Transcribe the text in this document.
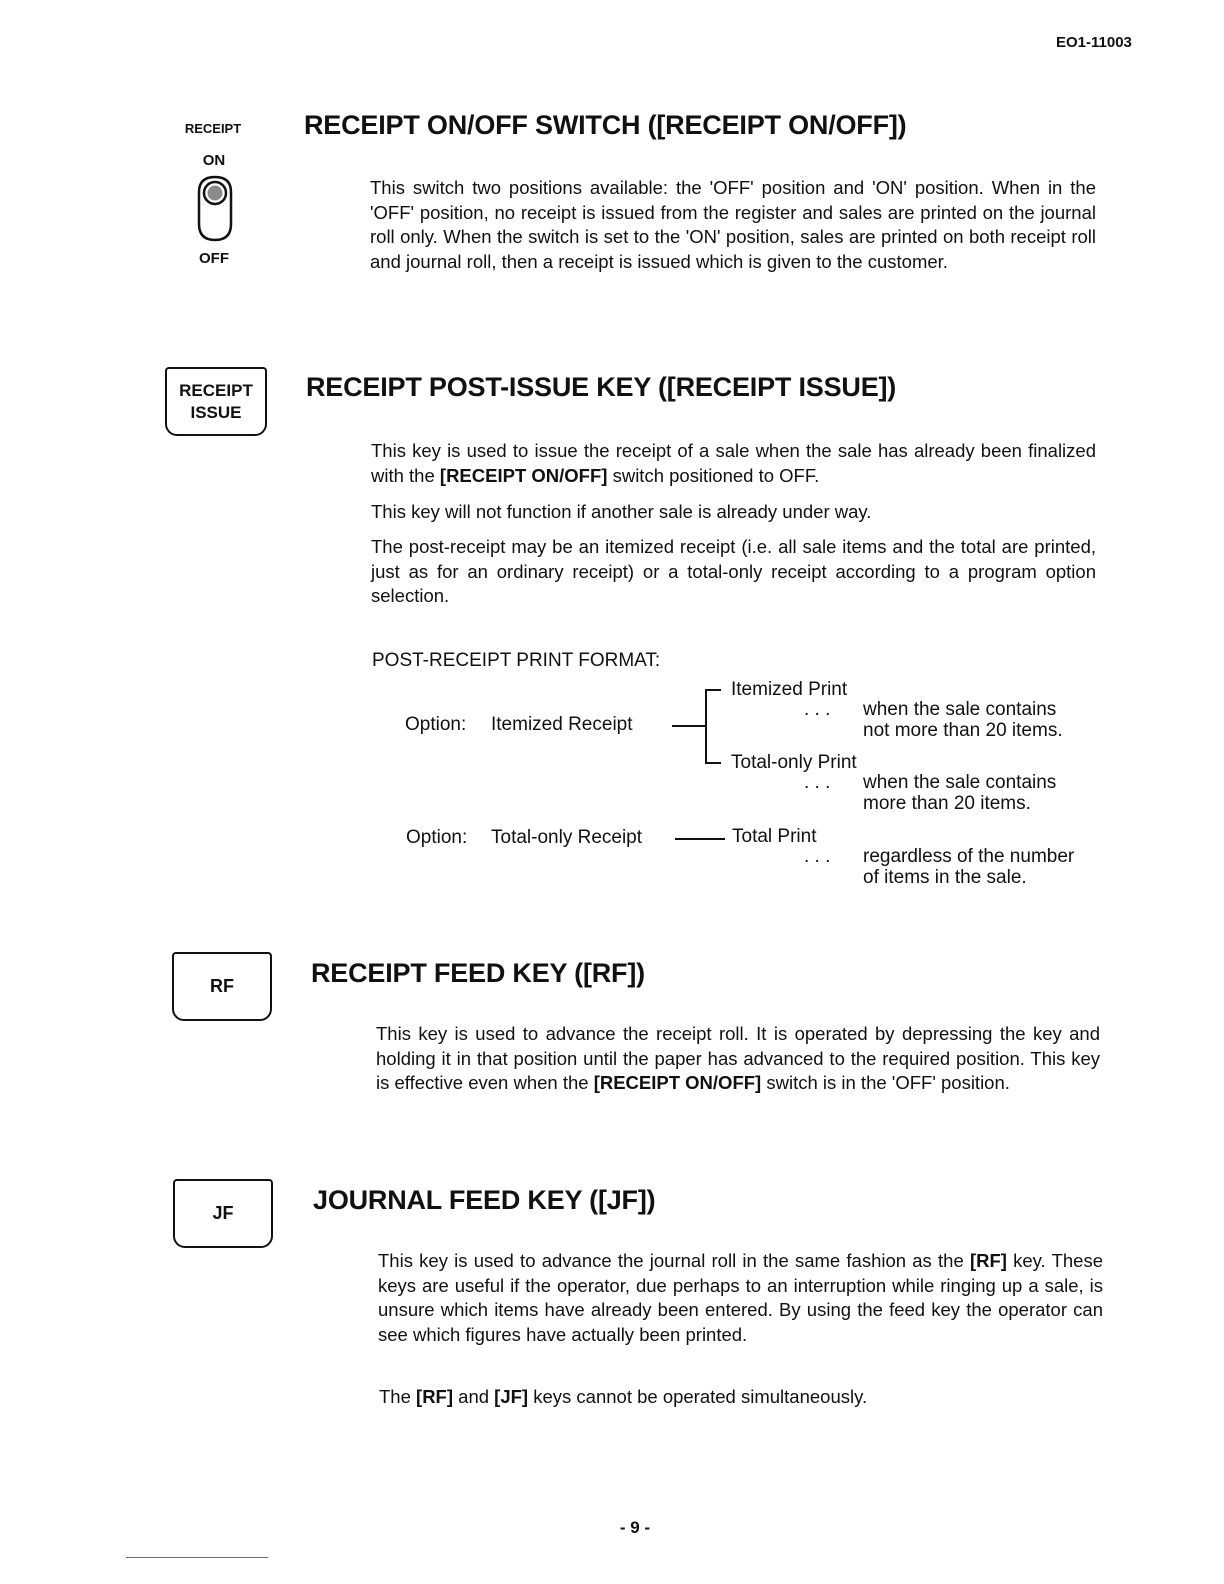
EO1-11003
RECEIPT
ON
OFF
RECEIPT ON/OFF SWITCH ([RECEIPT ON/OFF])

This switch two positions available: the 'OFF' position and 'ON' position. When in the 'OFF' position, no receipt is issued from the register and sales are printed on the journal roll only. When the switch is set to the 'ON' position, sales are printed on both receipt roll and journal roll, then a receipt is issued which is given to the customer.

RECEIPT
ISSUE
RECEIPT POST-ISSUE KEY ([RECEIPT ISSUE])

This key is used to issue the receipt of a sale when the sale has already been finalized with the [RECEIPT ON/OFF] switch positioned to OFF.

This key will not function if another sale is already under way.

The post-receipt may be an itemized receipt (i.e. all sale items and the total are printed, just as for an ordinary receipt) or a total-only receipt according to a program option selection.

POST-RECEIPT PRINT FORMAT:
Option: Itemized Receipt
Itemized Print
. . . when the sale contains
not more than 20 items.
Total-only Print
. . . when the sale contains
more than 20 items.
Option: Total-only Receipt	Total Print
. . . regardless of the number
of items in the sale.
RF	RECEIPT FEED KEY ([RF])

This key is used to advance the receipt roll. It is operated by depressing the key and holding it in that position until the paper has advanced to the required position. This key is effective even when the [RECEIPT ON/OFF] switch is in the 'OFF' position.

JF	JOURNAL FEED KEY ([JF])

This key is used to advance the journal roll in the same fashion as the [RF] key. These keys are useful if the operator, due perhaps to an interruption while ringing up a sale, is unsure which items have already been entered. By using the feed key the operator can see which figures have actually been printed.

The [RF] and [JF] keys cannot be operated simultaneously.

- 9 -
